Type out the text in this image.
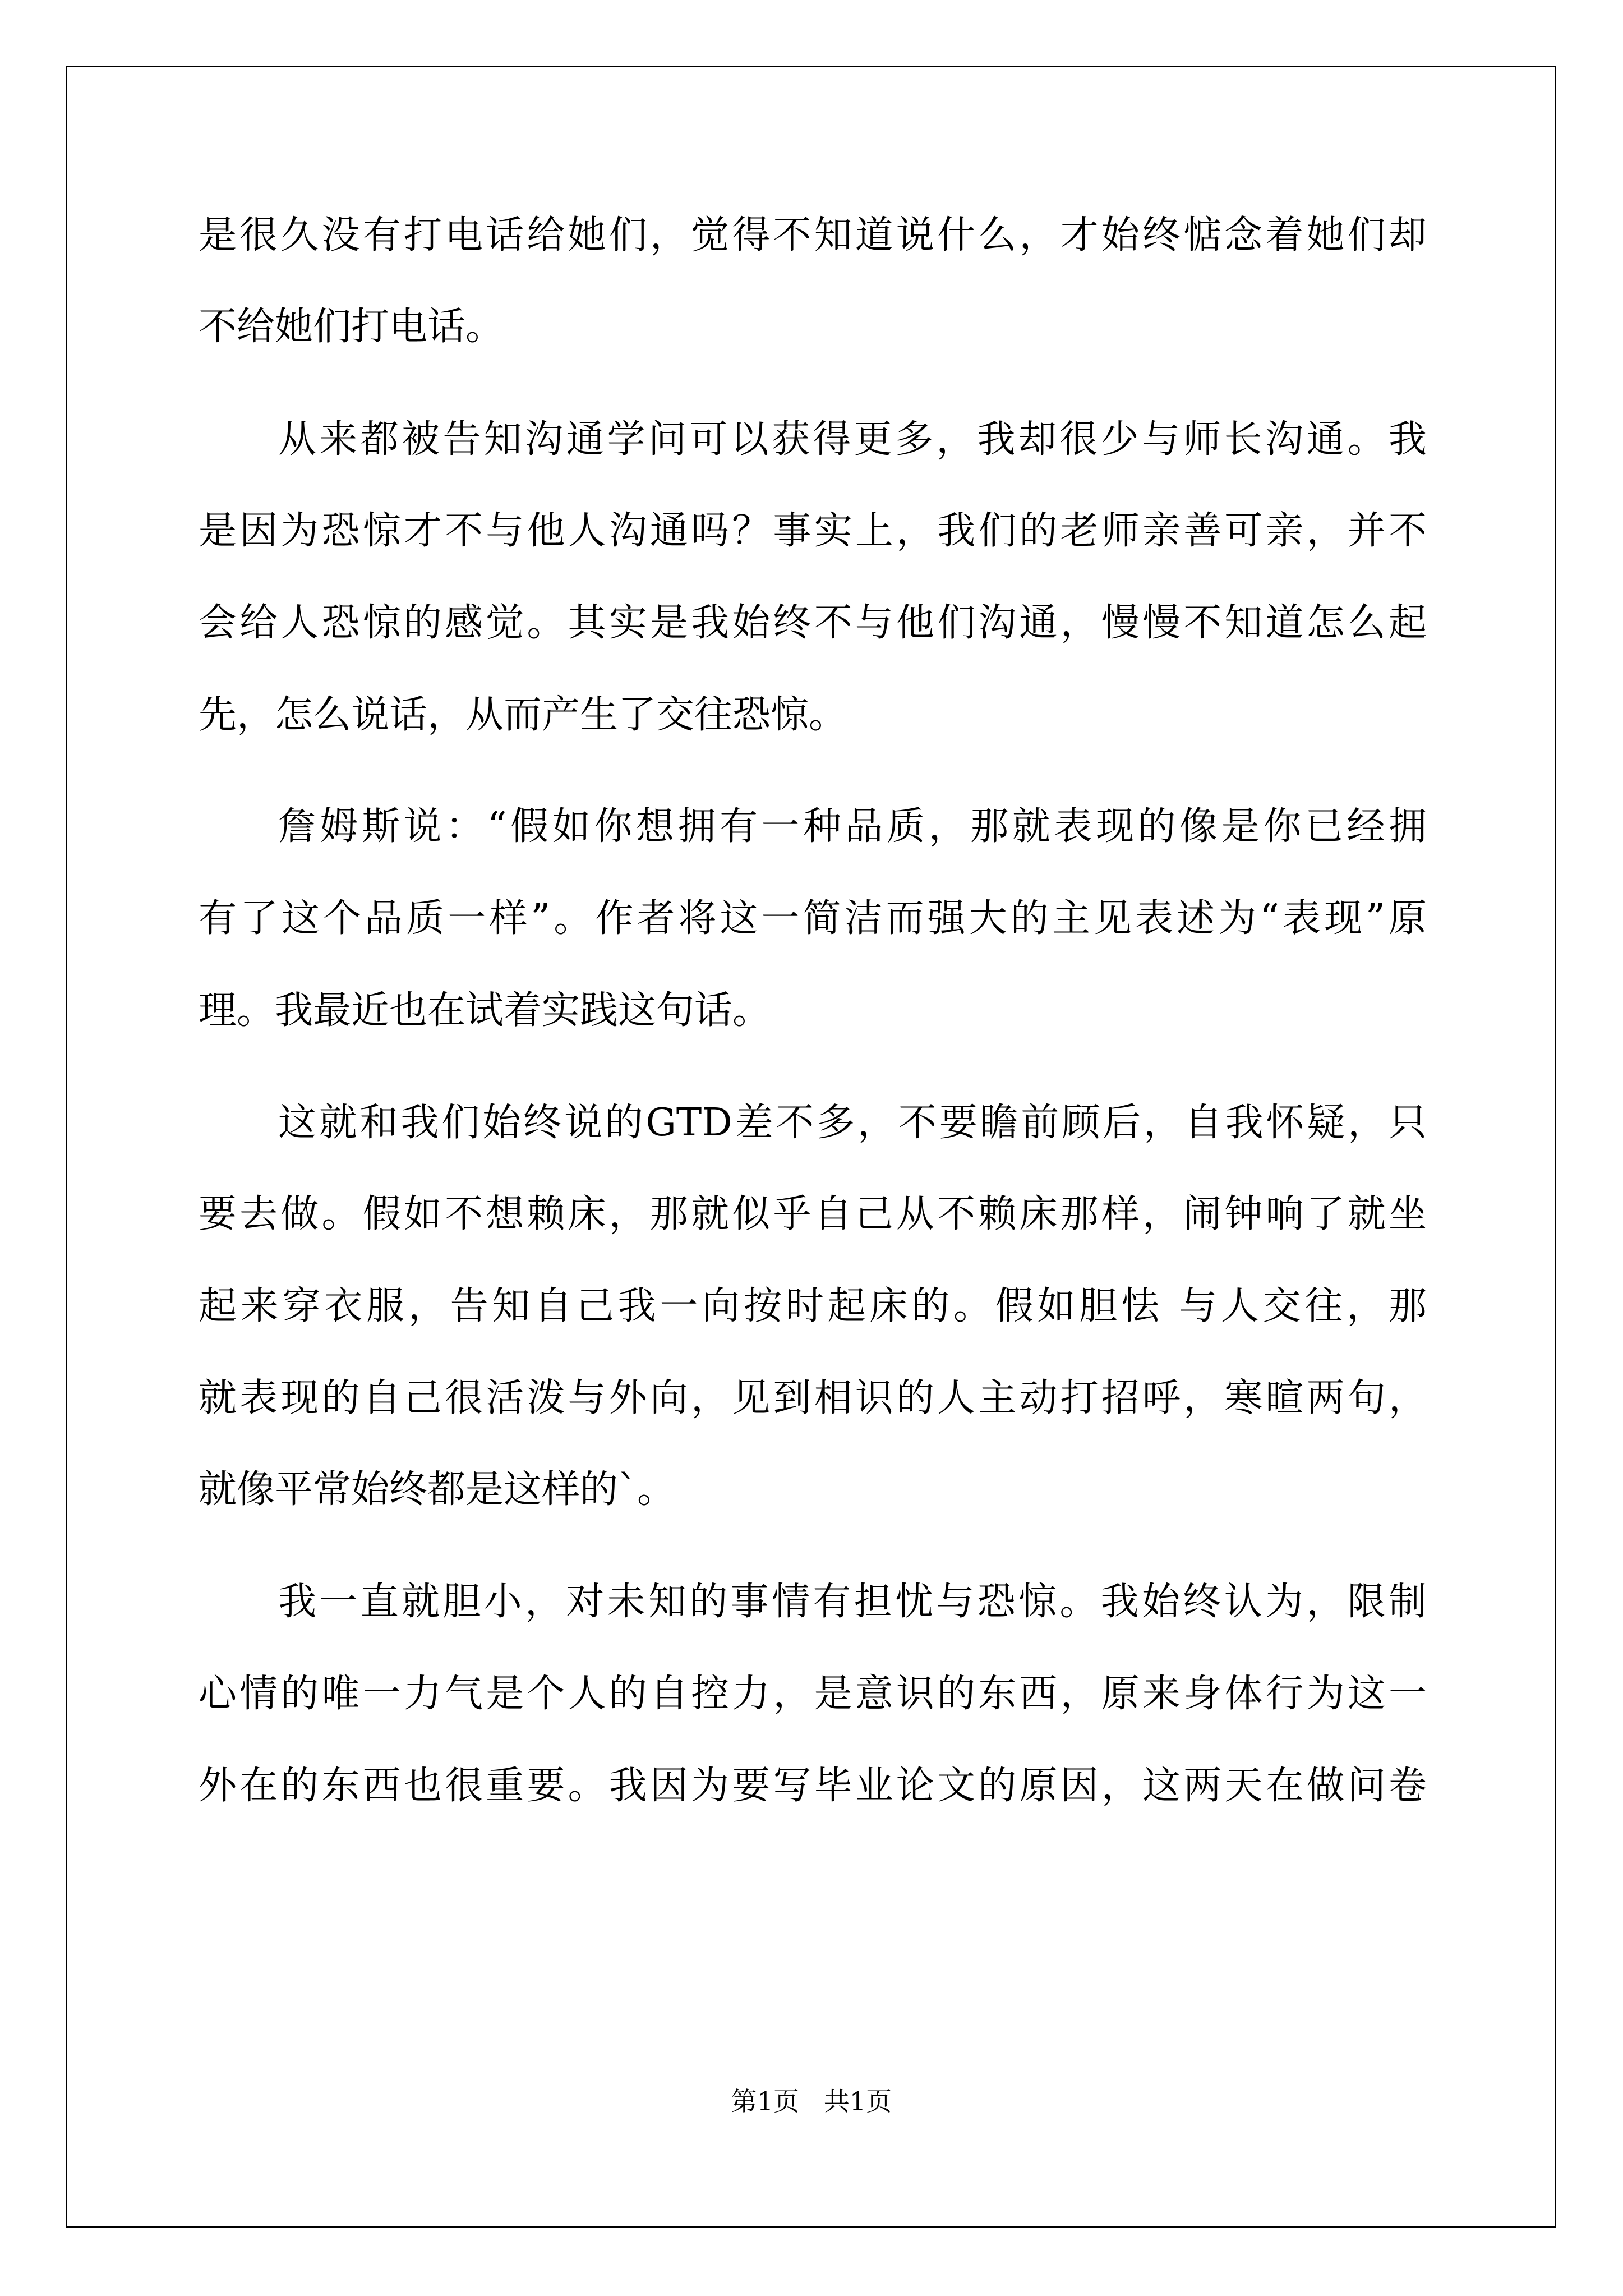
是很久没有打电话给她们，觉得不知道说什么，才始终惦念着她们却
不给她们打电话。
从来都被告知沟通学问可以获得更多，我却很少与师长沟通。我
是因为恐惊才不与他人沟通吗？事实上，我们的老师亲善可亲，并不
会给人恐惊的感觉。其实是我始终不与他们沟通，慢慢不知道怎么起
先，怎么说话，从而产生了交往恐惊。
詹姆斯说：“假如你想拥有一种品质，那就表现的像是你已经拥
有了这个品质一样”。作者将这一简洁而强大的主见表述为“表现”原
理。我最近也在试着实践这句话。
这就和我们始终说的GTD差不多，不要瞻前顾后，自我怀疑，只
要去做。假如不想赖床，那就似乎自己从不赖床那样，闹钟响了就坐
起来穿衣服，告知自己我一向按时起床的。假如胆怯 与人交往，那
就表现的自己很活泼与外向，见到相识的人主动打招呼，寒暄两句，
就像平常始终都是这样的`。
我一直就胆小，对未知的事情有担忧与恐惊。我始终认为，限制
心情的唯一力气是个人的自控力，是意识的东西，原来身体行为这一
外在的东西也很重要。我因为要写毕业论文的原因，这两天在做问卷
第1页   共1页
